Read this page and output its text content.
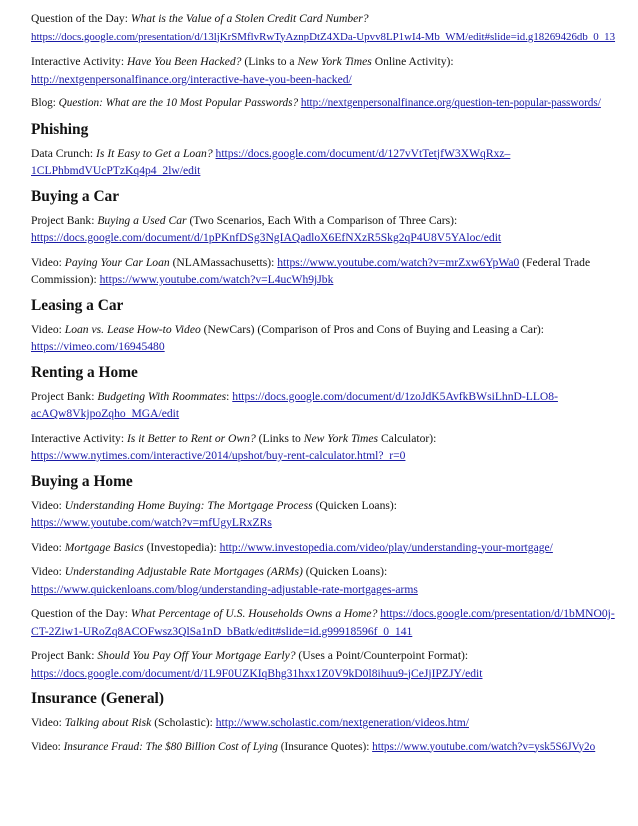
Question of the Day: What is the Value of a Stolen Credit Card Number?
https://docs.google.com/presentation/d/13ljKrSMflvRwTyAznpDtZ4XDa-Upvv8LP1wI4-Mb_WM/edit#slide=id.g18269426db_0_13

Interactive Activity: Have You Been Hacked? (Links to a New York Times Online Activity):
http://nextgenpersonalfinance.org/interactive-have-you-been-hacked/

Blog: Question: What are the 10 Most Popular Passwords? http://nextgenpersonalfinance.org/question-ten-popular-passwords/

Phishing

Data Crunch: Is It Easy to Get a Loan? https://docs.google.com/document/d/127vVtTetjfW3XWqRxz–1CLPhbmdVUcPTzKq4p4_2lw/edit

Buying a Car

Project Bank: Buying a Used Car (Two Scenarios, Each With a Comparison of Three Cars):
https://docs.google.com/document/d/1pPKnfDSg3NgIAQadloX6EfNXzR5Skg2qP4U8V5YAloc/edit

Video: Paying Your Car Loan (NLAMassachusetts): https://www.youtube.com/watch?v=mrZxw6YpWa0 (Federal Trade Commission): https://www.youtube.com/watch?v=L4ucWh9jJbk

Leasing a Car

Video: Loan vs. Lease How-to Video (NewCars) (Comparison of Pros and Cons of Buying and Leasing a Car):
https://vimeo.com/16945480

Renting a Home

Project Bank: Budgeting With Roommates: https://docs.google.com/document/d/1zoJdK5AvfkBWsiLhnD-LLO8-acAQw8VkjpoZqho_MGA/edit

Interactive Activity: Is it Better to Rent or Own? (Links to New York Times Calculator):
https://www.nytimes.com/interactive/2014/upshot/buy-rent-calculator.html?_r=0

Buying a Home

Video: Understanding Home Buying: The Mortgage Process (Quicken Loans):
https://www.youtube.com/watch?v=mfUgyLRxZRs

Video: Mortgage Basics (Investopedia): http://www.investopedia.com/video/play/understanding-your-mortgage/

Video: Understanding Adjustable Rate Mortgages (ARMs) (Quicken Loans):
https://www.quickenloans.com/blog/understanding-adjustable-rate-mortgages-arms

Question of the Day: What Percentage of U.S. Households Owns a Home? https://docs.google.com/presentation/d/1bMNO0j-CT-2Ziw1-URoZq8ACOFwsz3QlSa1nD_bBatk/edit#slide=id.g99918596f_0_141

Project Bank: Should You Pay Off Your Mortgage Early? (Uses a Point/Counterpoint Format):
https://docs.google.com/document/d/1L9F0UZKIqBhg31hxx1Z0V9kD0l8ihuu9-jCeJjIPZJY/edit

Insurance (General)

Video: Talking about Risk (Scholastic): http://www.scholastic.com/nextgeneration/videos.htm/

Video: Insurance Fraud: The $80 Billion Cost of Lying (Insurance Quotes): https://www.youtube.com/watch?v=ysk5S6JVy2o
